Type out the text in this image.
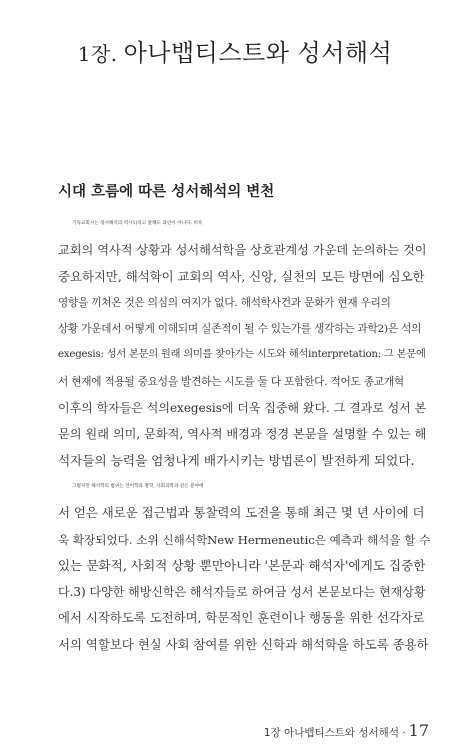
1장. 아나뱁티스트와 성서해석
시대 흐름에 따른 성서해석의 변천
기독교회사는 성서해석의 역사1)라고 말해도 과언이 아니다. 비록
교회의 역사적 상황과 성서해석학을 상호관계성 가운데 논의하는 것이
중요하지만, 해석학이 교회의 역사, 신앙, 실천의 모든 방면에 심오한
영향을 끼쳐온 것은 의심의 여지가 없다. 해석학사건과 문화가 현재 우리의
상황 가운데서 어떻게 이해되며 실존적이 될 수 있는가를 생각하는 과학2)은 석의
exegesis: 성서 본문의 원래 의미를 찾아가는 시도와 해석interpretation: 그 본문에
서 현재에 적용될 중요성을 발견하는 시도를 둘 다 포함한다. 적어도 종교개혁
이후의 학자들은 석의exegesis에 더욱 집중해 왔다. 그 결과로 성서 본
문의 원래 의미, 문화적, 역사적 배경과 정경 본문을 설명할 수 있는 해
석자들의 능력을 엄청나게 배가시키는 방법론이 발전하게 되었다.
그렇지만 해석학의 범위는 언어학과 철학, 사회과학과 같은 분야에
서 얻은 새로운 접근법과 통찰력의 도전을 통해 최근 몇 년 사이에 더
욱 확장되었다. 소위 신해석학New Hermeneutic은 예측과 해석을 할 수
있는 문화적, 사회적 상황 뿐만아니라 '본문과 해석자'에게도 집중한
다.3) 다양한 해방신학은 해석자들로 하여금 성서 본문보다는 현재상황
에서 시작하도록 도전하며, 학문적인 훈련이나 행동을 위한 선각자로
서의 역할보다 현실 사회 참여를 위한 신학과 해석학을 하도록 종용하
1장 아나뱁티스트와 성서해석 · 17
